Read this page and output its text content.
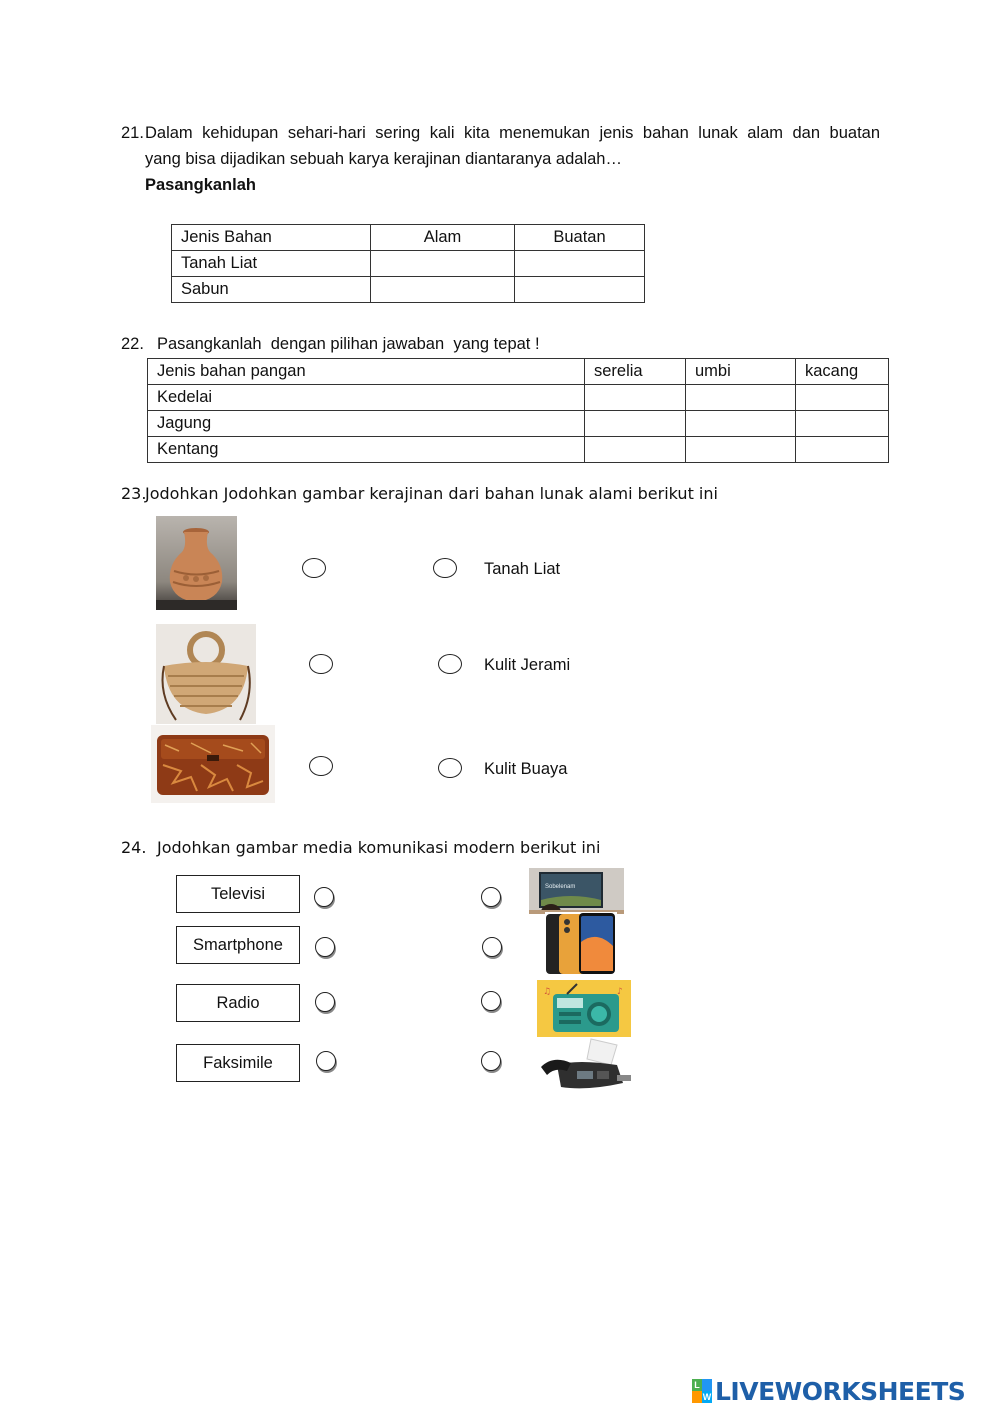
21. Dalam kehidupan sehari-hari sering kali kita menemukan jenis bahan lunak alam dan buatan
yang bisa dijadikan sebuah karya kerajinan diantaranya adalah…
Pasangkanlah
Jenis Bahan	Alam	Buatan
Tanah Liat		
Sabun		
22. Pasangkanlah  dengan pilihan jawaban  yang tepat !
Jenis bahan pangan	serelia	umbi	kacang
Kedelai			
Jagung			
Kentang			
23.
Jodohkan Jodohkan gambar kerajinan dari bahan lunak alami berikut ini
Tanah Liat
Kulit Jerami
Kulit Buaya
24. Jodohkan gambar media komunikasi modern berikut ini
Televisi
Smartphone
Radio
Faksimile
Sobelenam
♫	♪
L
W LIVEWORKSHEETS
